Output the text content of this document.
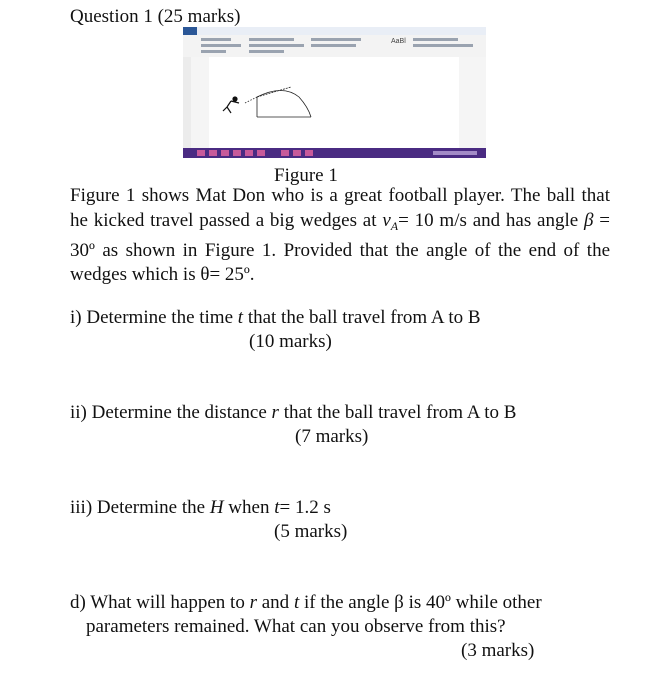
Question 1 (25 marks)
AaBl
Figure 1
Figure 1 shows Mat Don who is a great football player. The ball that he kicked travel passed a big wedges at $v_A= 10$ m/s and has angle β = 30º as shown in Figure 1. Provided that the angle of the end of the wedges which is θ= 25º.
i) Determine the time t that the ball travel from A to B
(10 marks)
ii) Determine the distance r that the ball travel from A to B
(7 marks)
iii) Determine the H when t= 1.2 s
(5 marks)
d) What will happen to r and t if the angle β is 40º while other
parameters remained. What can you observe from this?
(3 marks)
